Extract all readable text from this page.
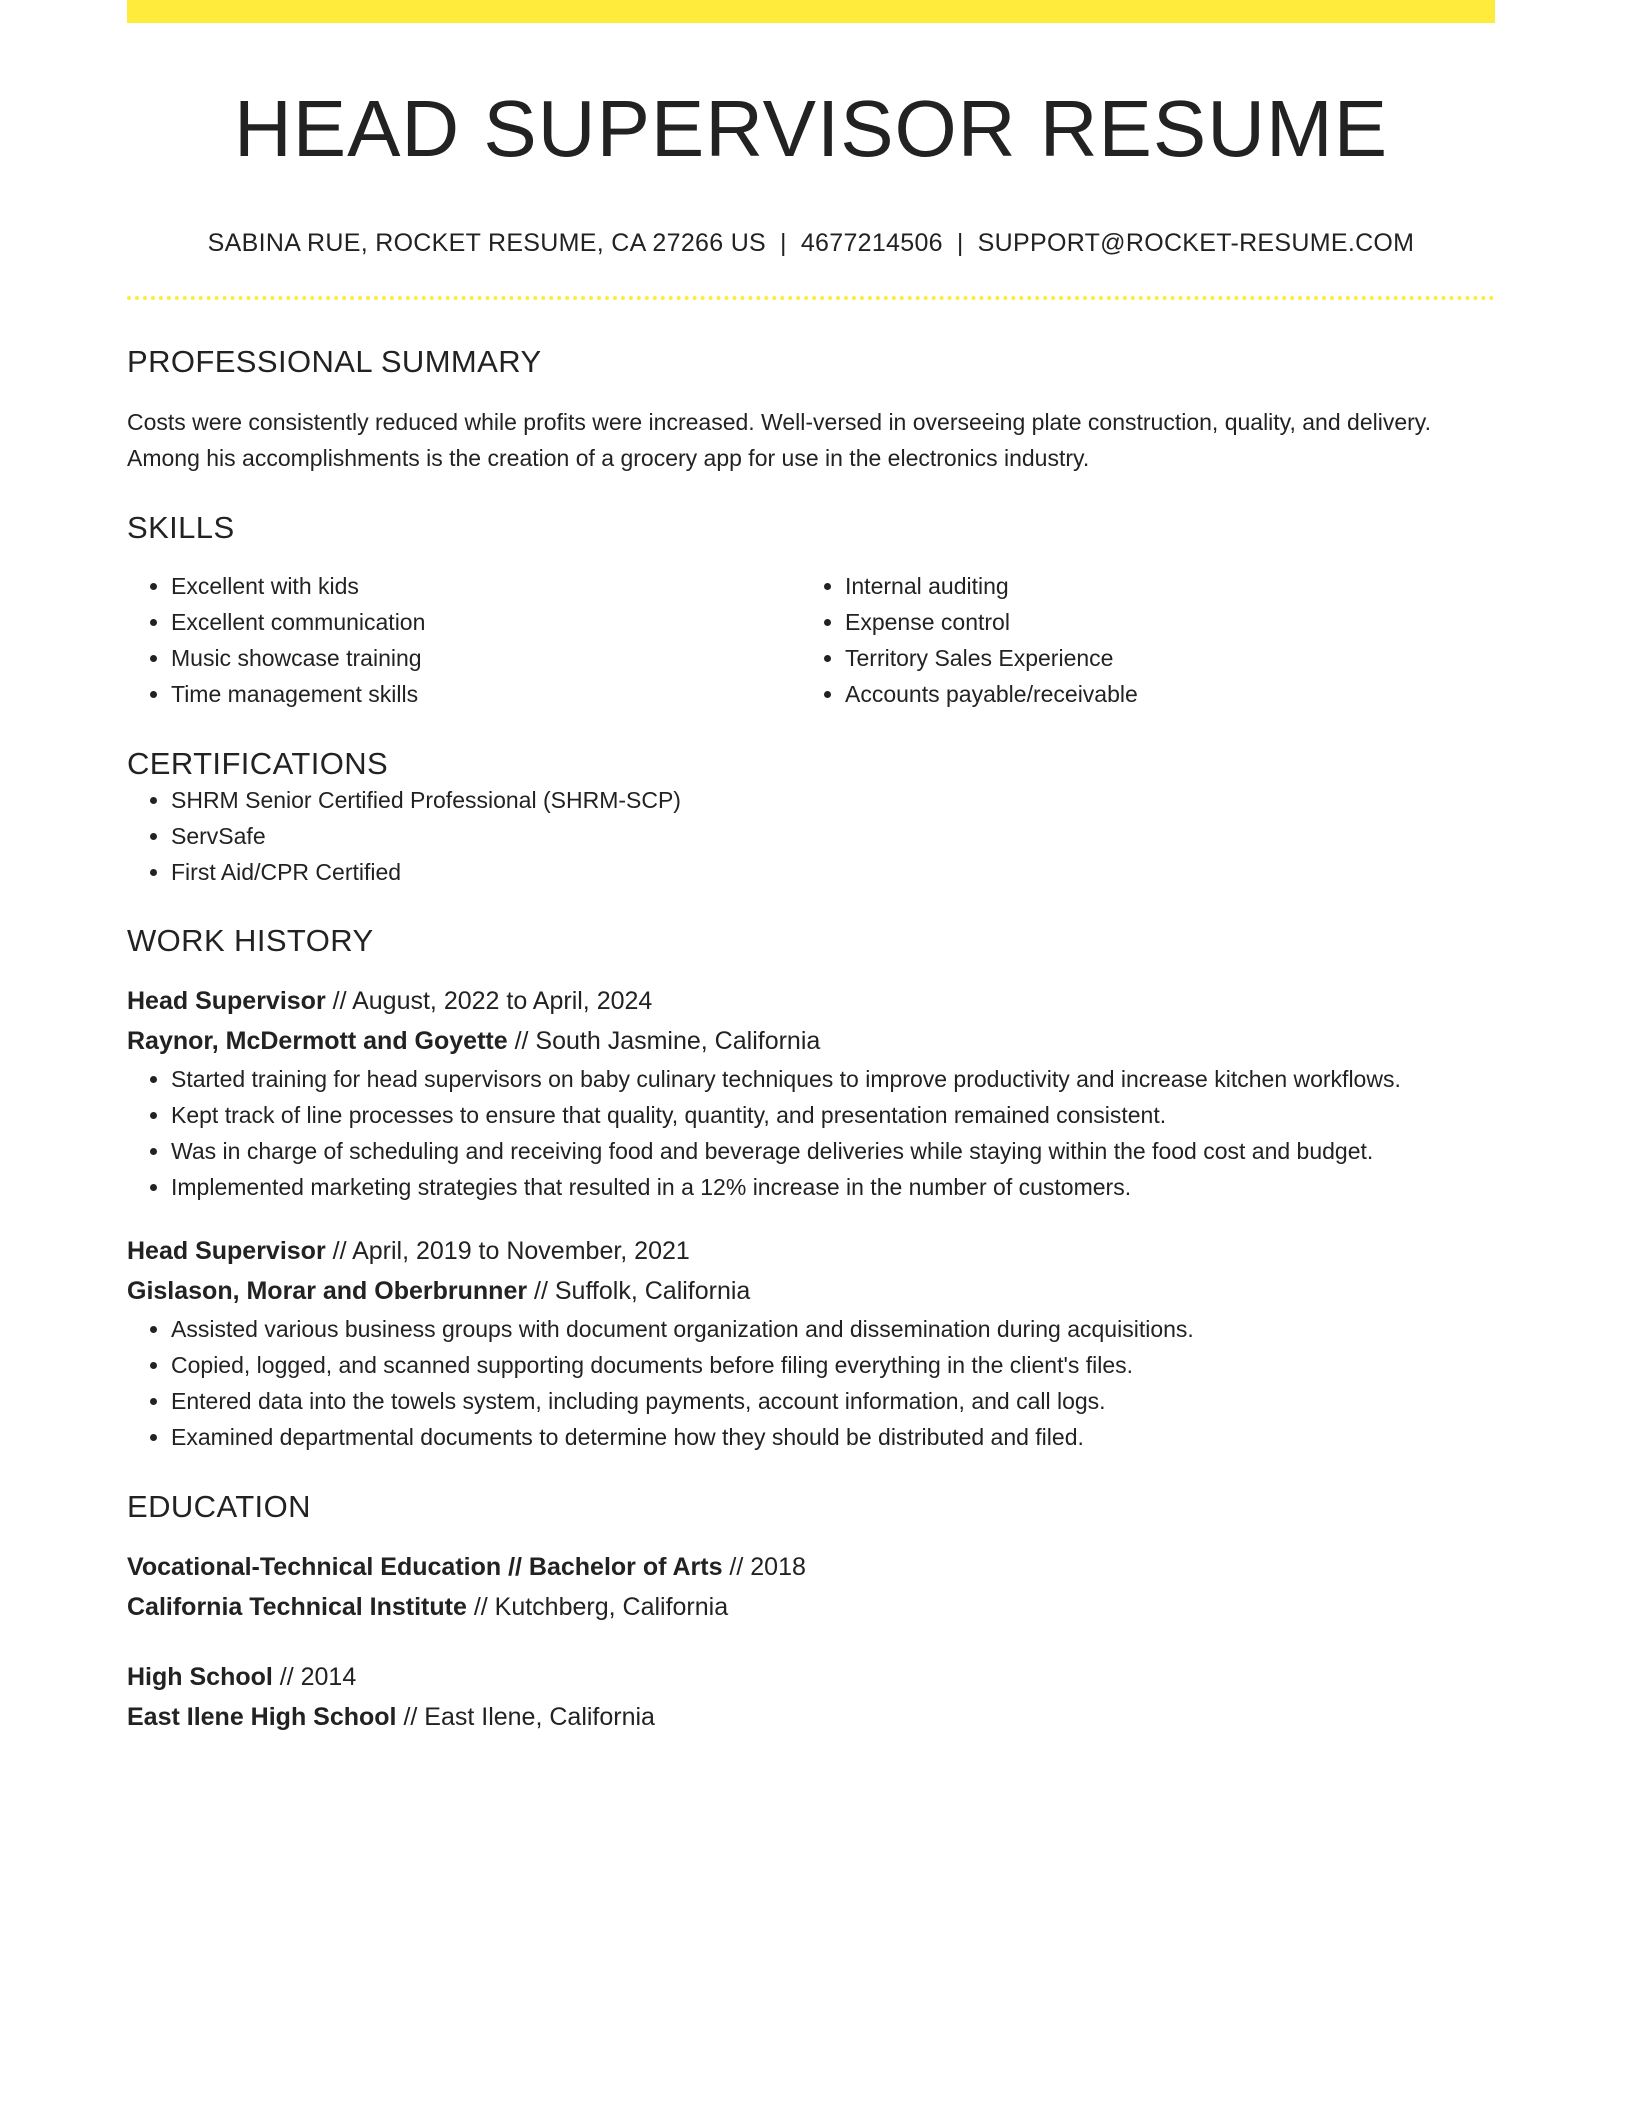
HEAD SUPERVISOR RESUME
SABINA RUE, ROCKET RESUME, CA 27266 US | 4677214506 | SUPPORT@ROCKET-RESUME.COM
PROFESSIONAL SUMMARY
Costs were consistently reduced while profits were increased. Well-versed in overseeing plate construction, quality, and delivery. Among his accomplishments is the creation of a grocery app for use in the electronics industry.
SKILLS
• Excellent with kids
• Excellent communication
• Music showcase training
• Time management skills
• Internal auditing
• Expense control
• Territory Sales Experience
• Accounts payable/receivable
CERTIFICATIONS
• SHRM Senior Certified Professional (SHRM-SCP)
• ServSafe
• First Aid/CPR Certified
WORK HISTORY
Head Supervisor // August, 2022 to April, 2024
Raynor, McDermott and Goyette // South Jasmine, California
• Started training for head supervisors on baby culinary techniques to improve productivity and increase kitchen workflows.
• Kept track of line processes to ensure that quality, quantity, and presentation remained consistent.
• Was in charge of scheduling and receiving food and beverage deliveries while staying within the food cost and budget.
• Implemented marketing strategies that resulted in a 12% increase in the number of customers.
Head Supervisor // April, 2019 to November, 2021
Gislason, Morar and Oberbrunner // Suffolk, California
• Assisted various business groups with document organization and dissemination during acquisitions.
• Copied, logged, and scanned supporting documents before filing everything in the client's files.
• Entered data into the towels system, including payments, account information, and call logs.
• Examined departmental documents to determine how they should be distributed and filed.
EDUCATION
Vocational-Technical Education // Bachelor of Arts // 2018
California Technical Institute // Kutchberg, California
High School // 2014
East Ilene High School // East Ilene, California
